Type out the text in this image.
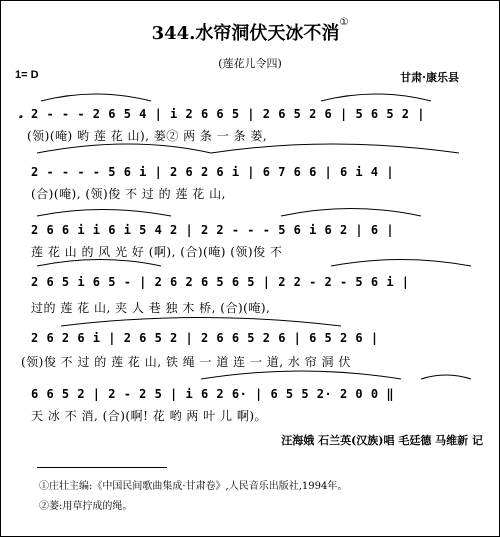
344.水帘洞伏天冰不消①
(莲花儿令四)
1= D	甘肃·康乐县
𝅗 2 - - - 2 6 5 4 | i 2 6 6 5 | 2 6 5 2 6 | 5 6 5 2 |
(领)(唵) 哟 莲 花 山), 蒌② 两 条 一 条 蒌,
2 - - - - 5 6 i | 2 6 2 6 i | 6 7 6 6 | 6 i 4 |
(合)(唵), (领)俊 不 过 的 莲 花 山,
2 6 6 i i 6 i 5 4 2 | 2 2 - - - 5 6 i 6 2 | 6 |
莲 花 山 的 风 光 好 (啊), (合)(唵) (领)俊 不
2 6 5 i 6 5 - | 2 6 2 6 5 6 5 | 2 2 - 2 - 5 6 i |
过的 莲 花 山, 夹 人 巷 独 木 桥, (合)(唵),
2 6 2 6 i | 2 6 5 2 | 2 6 6 5 2 6 | 6 5 2 6 |
(领)俊 不 过 的 莲 花 山, 铁 绳 一 道 连 一 道, 水 帘 洞 伏
6 6 5 2 | 2 - 2 5 | i 6 2 6· | 6 5 5 2· 2 0 0 ‖
天 冰 不 消, (合)(啊! 花 哟 两 叶 儿 啊)。
汪海娥 石兰英(汉族)唱 毛廷德 马维新 记
①庄壮主编:《中国民间歌曲集成·甘肃卷》,人民音乐出版社,1994年。
②蒌:用草拧成的绳。
